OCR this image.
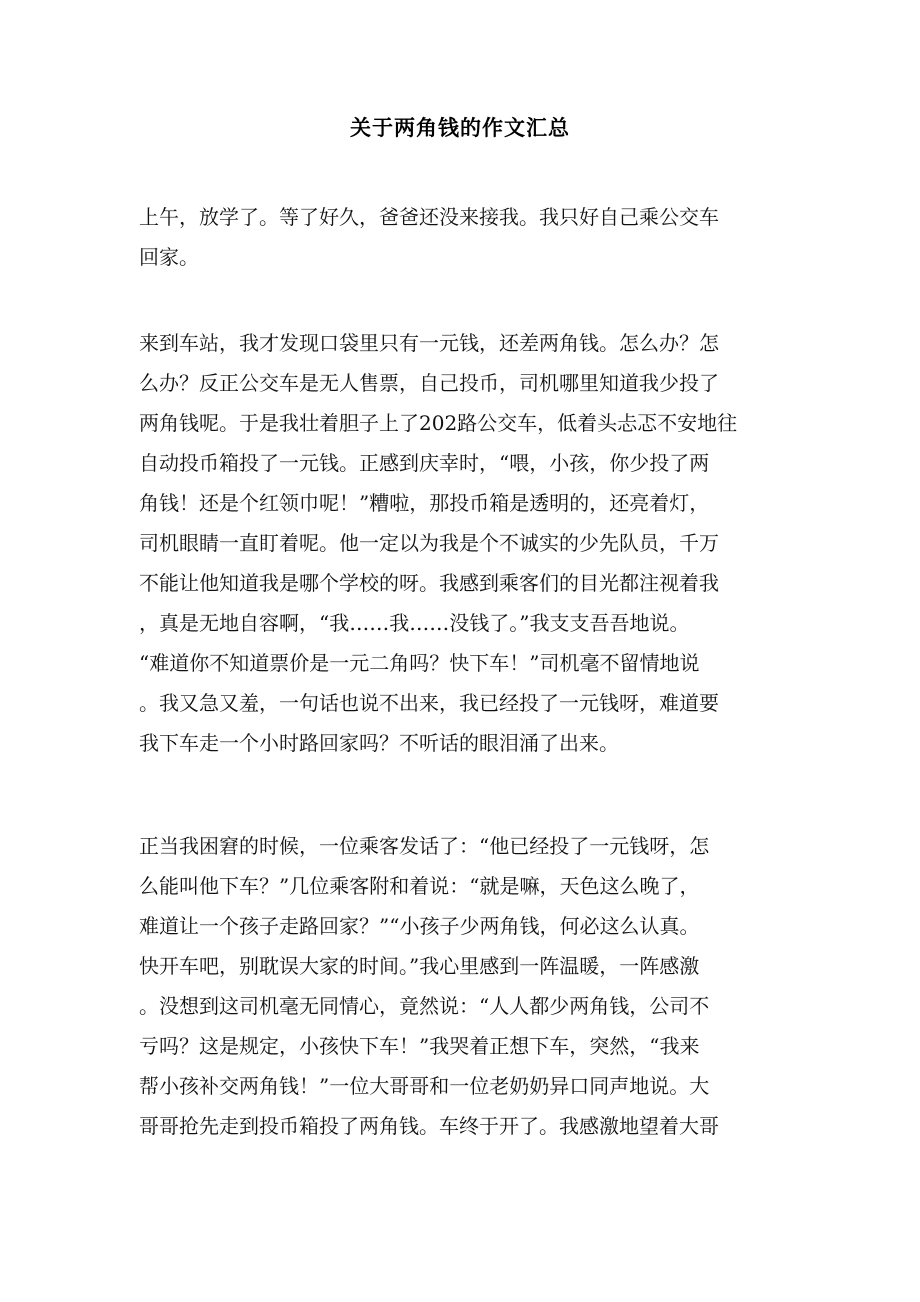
关于两角钱的作文汇总
上午，放学了。等了好久，爸爸还没来接我。我只好自己乘公交车
回家。
来到车站，我才发现口袋里只有一元钱，还差两角钱。怎么办？怎
么办？反正公交车是无人售票，自己投币，司机哪里知道我少投了
两角钱呢。于是我壮着胆子上了202路公交车，低着头忐忑不安地往
自动投币箱投了一元钱。正感到庆幸时，“喂，小孩，你少投了两
角钱！还是个红领巾呢！”糟啦，那投币箱是透明的，还亮着灯，
司机眼睛一直盯着呢。他一定以为我是个不诚实的少先队员，千万
不能让他知道我是哪个学校的呀。我感到乘客们的目光都注视着我
，真是无地自容啊，“我……我……没钱了。”我支支吾吾地说。
“难道你不知道票价是一元二角吗？快下车！”司机毫不留情地说
。我又急又羞，一句话也说不出来，我已经投了一元钱呀，难道要
我下车走一个小时路回家吗？不听话的眼泪涌了出来。
正当我困窘的时候，一位乘客发话了：“他已经投了一元钱呀，怎
么能叫他下车？”几位乘客附和着说：“就是嘛，天色这么晚了，
难道让一个孩子走路回家？”“小孩子少两角钱，何必这么认真。
快开车吧，别耽误大家的时间。”我心里感到一阵温暖，一阵感激
。没想到这司机毫无同情心，竟然说：“人人都少两角钱，公司不
亏吗？这是规定，小孩快下车！”我哭着正想下车，突然，“我来
帮小孩补交两角钱！”一位大哥哥和一位老奶奶异口同声地说。大
哥哥抢先走到投币箱投了两角钱。车终于开了。我感激地望着大哥
